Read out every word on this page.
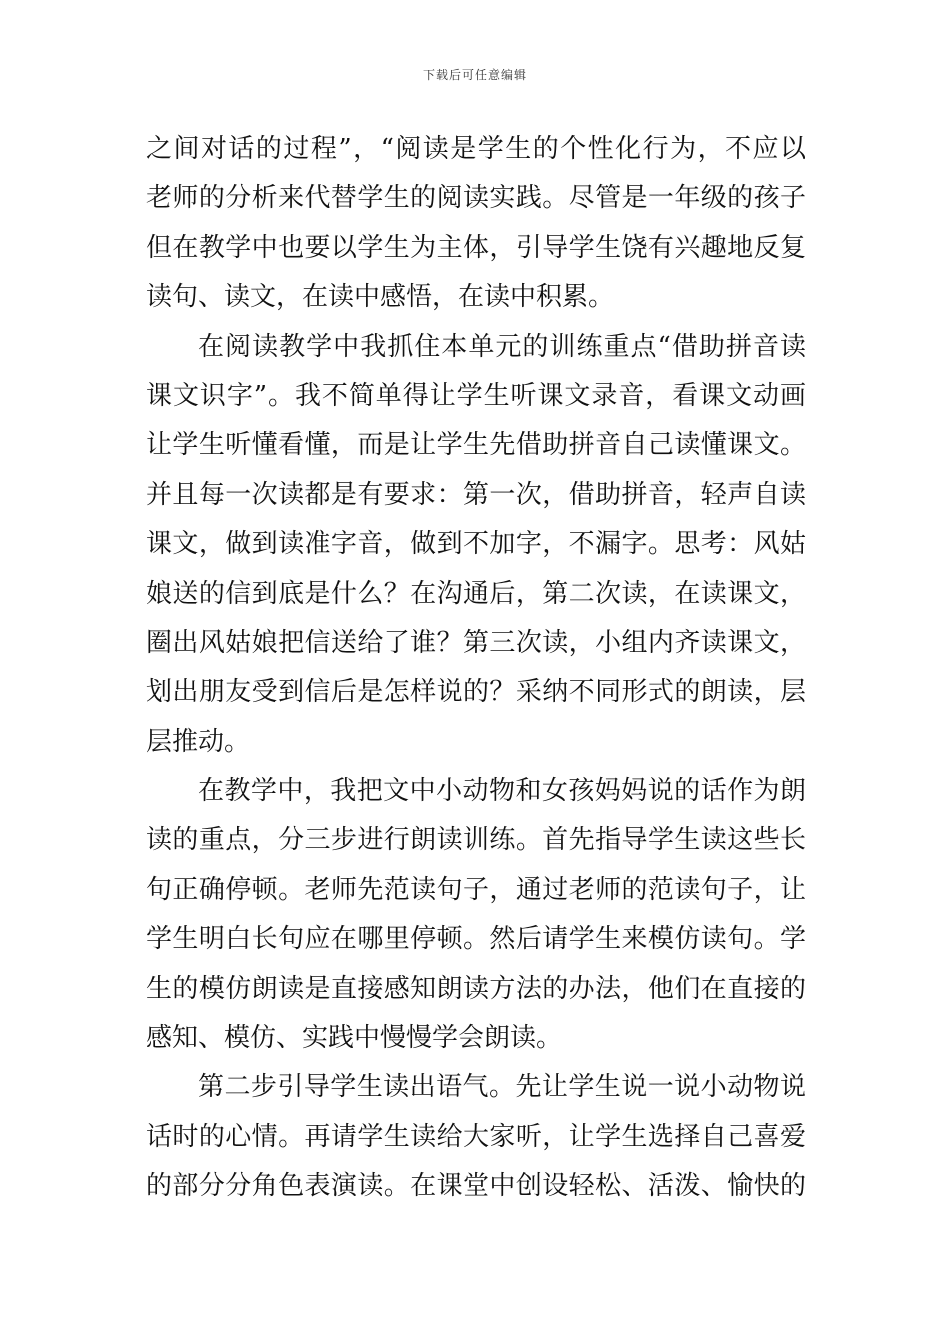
下载后可任意编辑
之间对话的过程”，“阅读是学生的个性化行为，不应以
老师的分析来代替学生的阅读实践。尽管是一年级的孩子
但在教学中也要以学生为主体，引导学生饶有兴趣地反复
读句、读文，在读中感悟，在读中积累。
在阅读教学中我抓住本单元的训练重点“借助拼音读
课文识字”。我不简单得让学生听课文录音，看课文动画
让学生听懂看懂，而是让学生先借助拼音自己读懂课文。
并且每一次读都是有要求：第一次，借助拼音，轻声自读
课文，做到读准字音，做到不加字，不漏字。思考：风姑
娘送的信到底是什么？在沟通后，第二次读，在读课文，
圈出风姑娘把信送给了谁？第三次读，小组内齐读课文，
划出朋友受到信后是怎样说的？采纳不同形式的朗读，层
层推动。
在教学中，我把文中小动物和女孩妈妈说的话作为朗
读的重点，分三步进行朗读训练。首先指导学生读这些长
句正确停顿。老师先范读句子，通过老师的范读句子，让
学生明白长句应在哪里停顿。然后请学生来模仿读句。学
生的模仿朗读是直接感知朗读方法的办法，他们在直接的
感知、模仿、实践中慢慢学会朗读。
第二步引导学生读出语气。先让学生说一说小动物说
话时的心情。再请学生读给大家听，让学生选择自己喜爱
的部分分角色表演读。在课堂中创设轻松、活泼、愉快的
